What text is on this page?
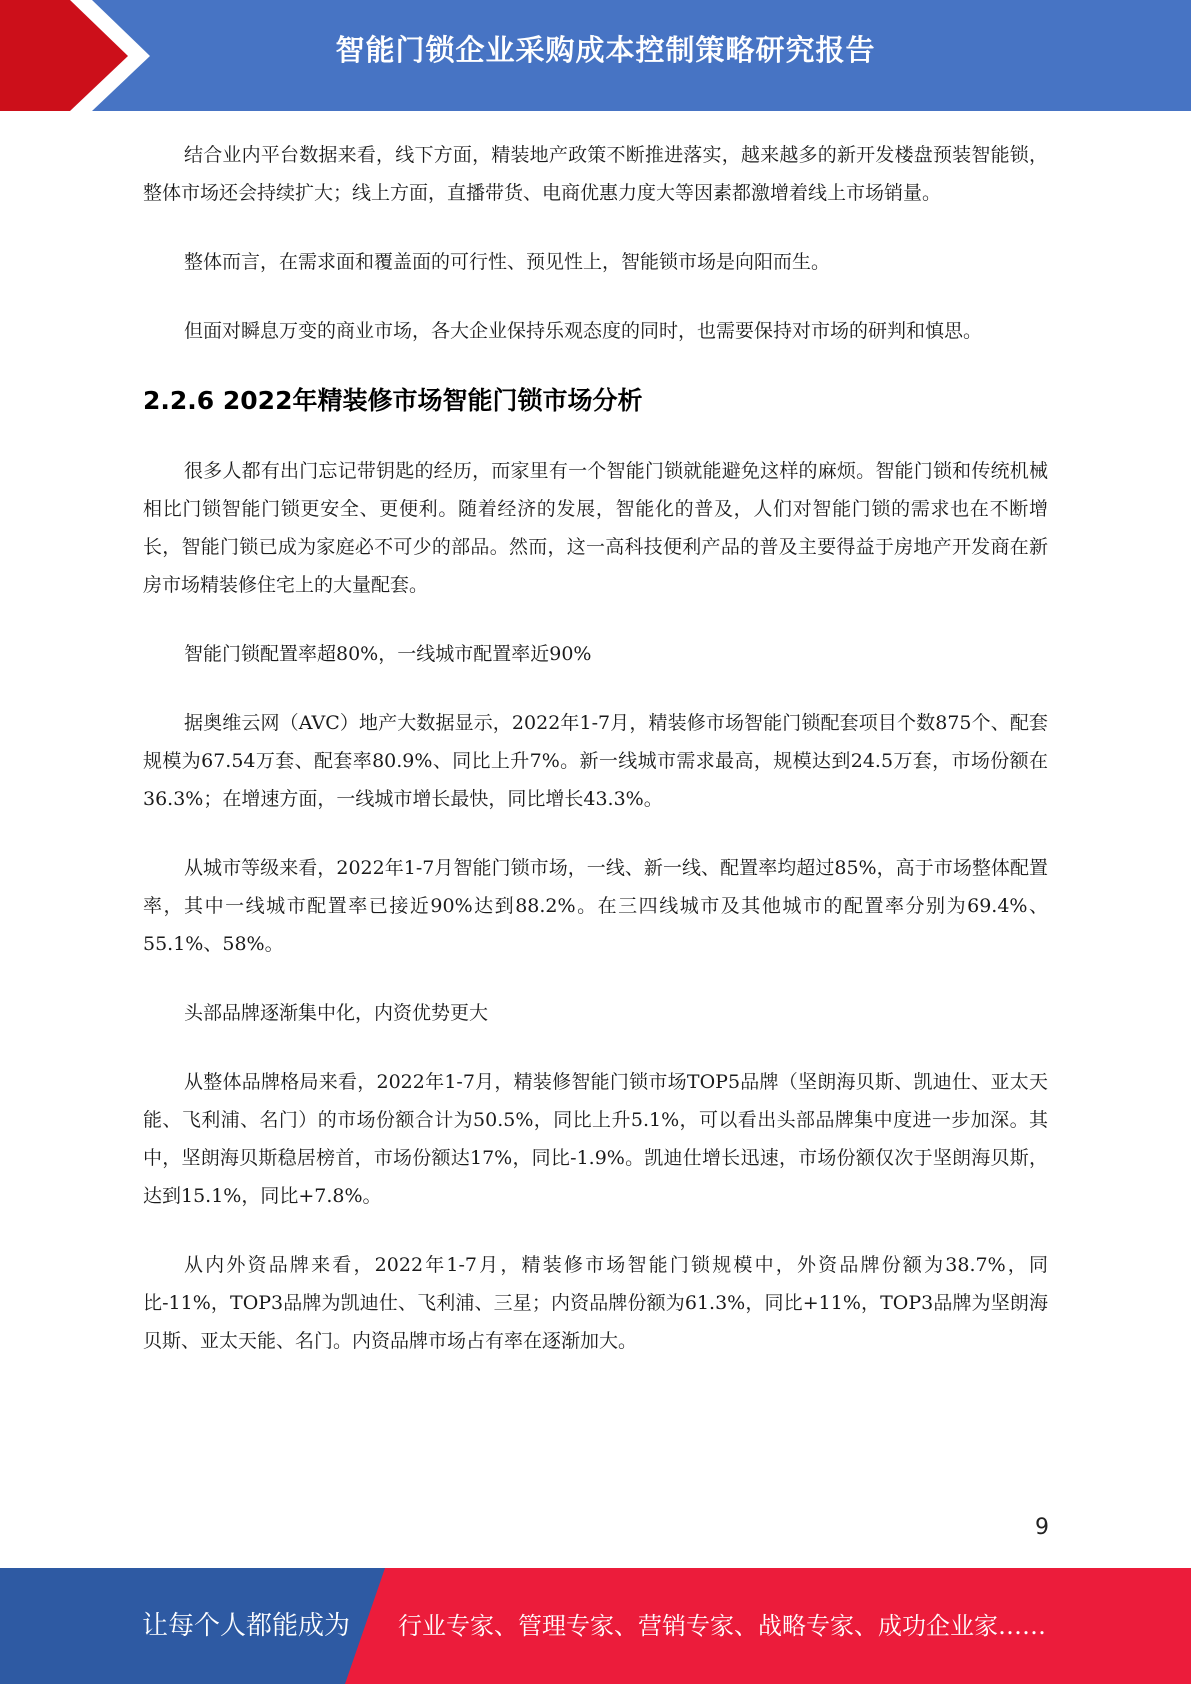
智能门锁企业采购成本控制策略研究报告

结合业内平台数据来看，线下方面，精装地产政策不断推进落实，越来越多的新开发楼盘预装智能锁，整体市场还会持续扩大；线上方面，直播带货、电商优惠力度大等因素都激增着线上市场销量。

整体而言，在需求面和覆盖面的可行性、预见性上，智能锁市场是向阳而生。

但面对瞬息万变的商业市场，各大企业保持乐观态度的同时，也需要保持对市场的研判和慎思。

2.2.6 2022年精装修市场智能门锁市场分析

很多人都有出门忘记带钥匙的经历，而家里有一个智能门锁就能避免这样的麻烦。智能门锁和传统机械相比门锁智能门锁更安全、更便利。随着经济的发展，智能化的普及，人们对智能门锁的需求也在不断增长，智能门锁已成为家庭必不可少的部品。然而，这一高科技便利产品的普及主要得益于房地产开发商在新房市场精装修住宅上的大量配套。

智能门锁配置率超80%，一线城市配置率近90%

据奥维云网（AVC）地产大数据显示，2022年1-7月，精装修市场智能门锁配套项目个数875个、配套规模为67.54万套、配套率80.9%、同比上升7%。新一线城市需求最高，规模达到24.5万套，市场份额在36.3%；在增速方面，一线城市增长最快，同比增长43.3%。

从城市等级来看，2022年1-7月智能门锁市场，一线、新一线、配置率均超过85%，高于市场整体配置率，其中一线城市配置率已接近90%达到88.2%。在三四线城市及其他城市的配置率分别为69.4%、55.1%、58%。

头部品牌逐渐集中化，内资优势更大

从整体品牌格局来看，2022年1-7月，精装修智能门锁市场TOP5品牌（坚朗海贝斯、凯迪仕、亚太天能、飞利浦、名门）的市场份额合计为50.5%，同比上升5.1%，可以看出头部品牌集中度进一步加深。其中，坚朗海贝斯稳居榜首，市场份额达17%，同比-1.9%。凯迪仕增长迅速，市场份额仅次于坚朗海贝斯，达到15.1%，同比+7.8%。

从内外资品牌来看，2022年1-7月，精装修市场智能门锁规模中，外资品牌份额为38.7%，同比-11%，TOP3品牌为凯迪仕、飞利浦、三星；内资品牌份额为61.3%，同比+11%，TOP3品牌为坚朗海贝斯、亚太天能、名门。内资品牌市场占有率在逐渐加大。

9
让每个人都能成为 行业专家、管理专家、营销专家、战略专家、成功企业家……
